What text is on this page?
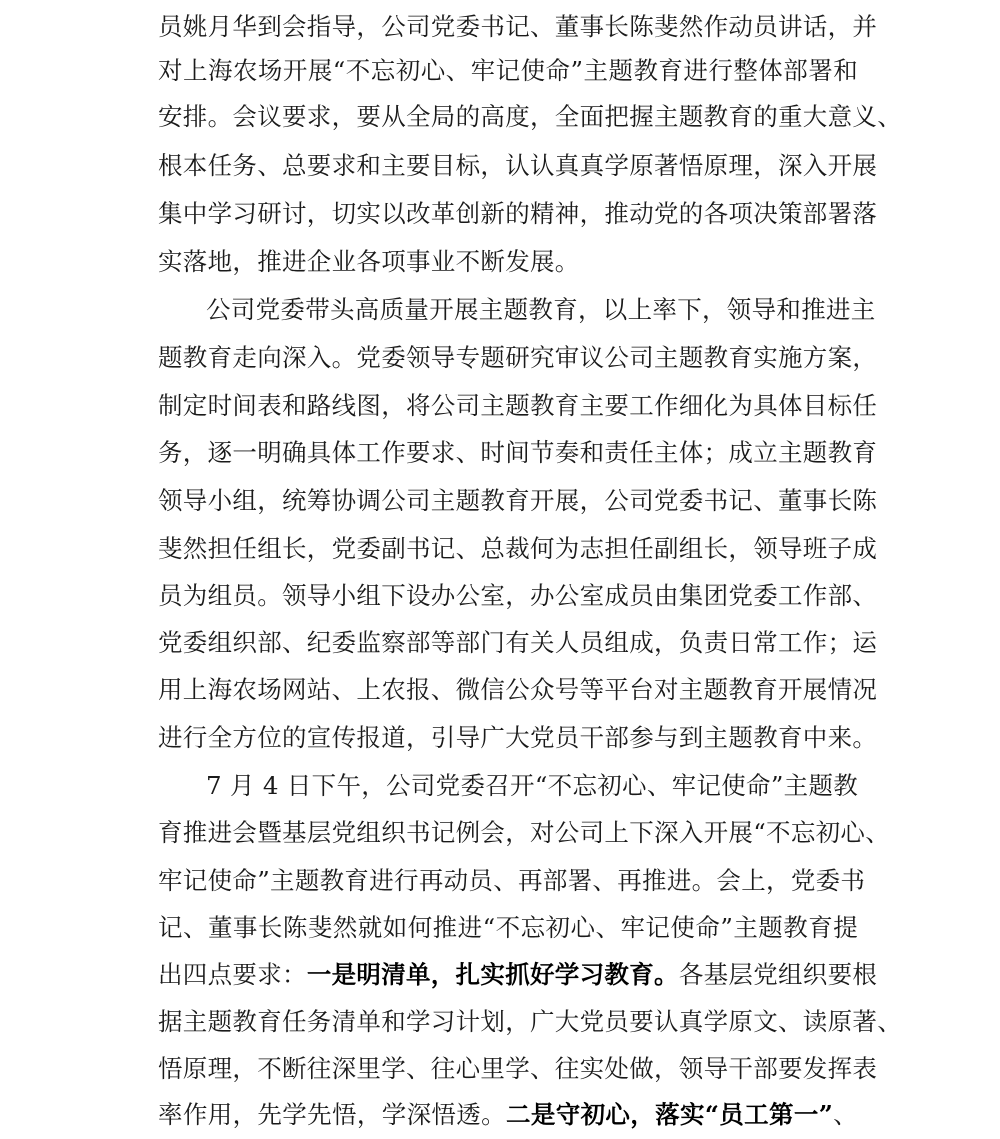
员姚月华到会指导，公司党委书记、董事长陈斐然作动员讲话，并
对上海农场开展“不忘初心、牢记使命”主题教育进行整体部署和
安排。会议要求，要从全局的高度，全面把握主题教育的重大意义、
根本任务、总要求和主要目标，认认真真学原著悟原理，深入开展
集中学习研讨，切实以改革创新的精神，推动党的各项决策部署落
实落地，推进企业各项事业不断发展。
公司党委带头高质量开展主题教育，以上率下，领导和推进主
题教育走向深入。党委领导专题研究审议公司主题教育实施方案，
制定时间表和路线图，将公司主题教育主要工作细化为具体目标任
务，逐一明确具体工作要求、时间节奏和责任主体；成立主题教育
领导小组，统筹协调公司主题教育开展，公司党委书记、董事长陈
斐然担任组长，党委副书记、总裁何为志担任副组长，领导班子成
员为组员。领导小组下设办公室，办公室成员由集团党委工作部、
党委组织部、纪委监察部等部门有关人员组成，负责日常工作；运
用上海农场网站、上农报、微信公众号等平台对主题教育开展情况
进行全方位的宣传报道，引导广大党员干部参与到主题教育中来。
7 月 4 日下午，公司党委召开“不忘初心、牢记使命”主题教
育推进会暨基层党组织书记例会，对公司上下深入开展“不忘初心、
牢记使命”主题教育进行再动员、再部署、再推进。会上，党委书
记、董事长陈斐然就如何推进“不忘初心、牢记使命”主题教育提
出四点要求：一是明清单，扎实抓好学习教育。各基层党组织要根
据主题教育任务清单和学习计划，广大党员要认真学原文、读原著、
悟原理，不断往深里学、往心里学、往实处做，领导干部要发挥表
率作用，先学先悟，学深悟透。二是守初心，落实“员工第一”、
